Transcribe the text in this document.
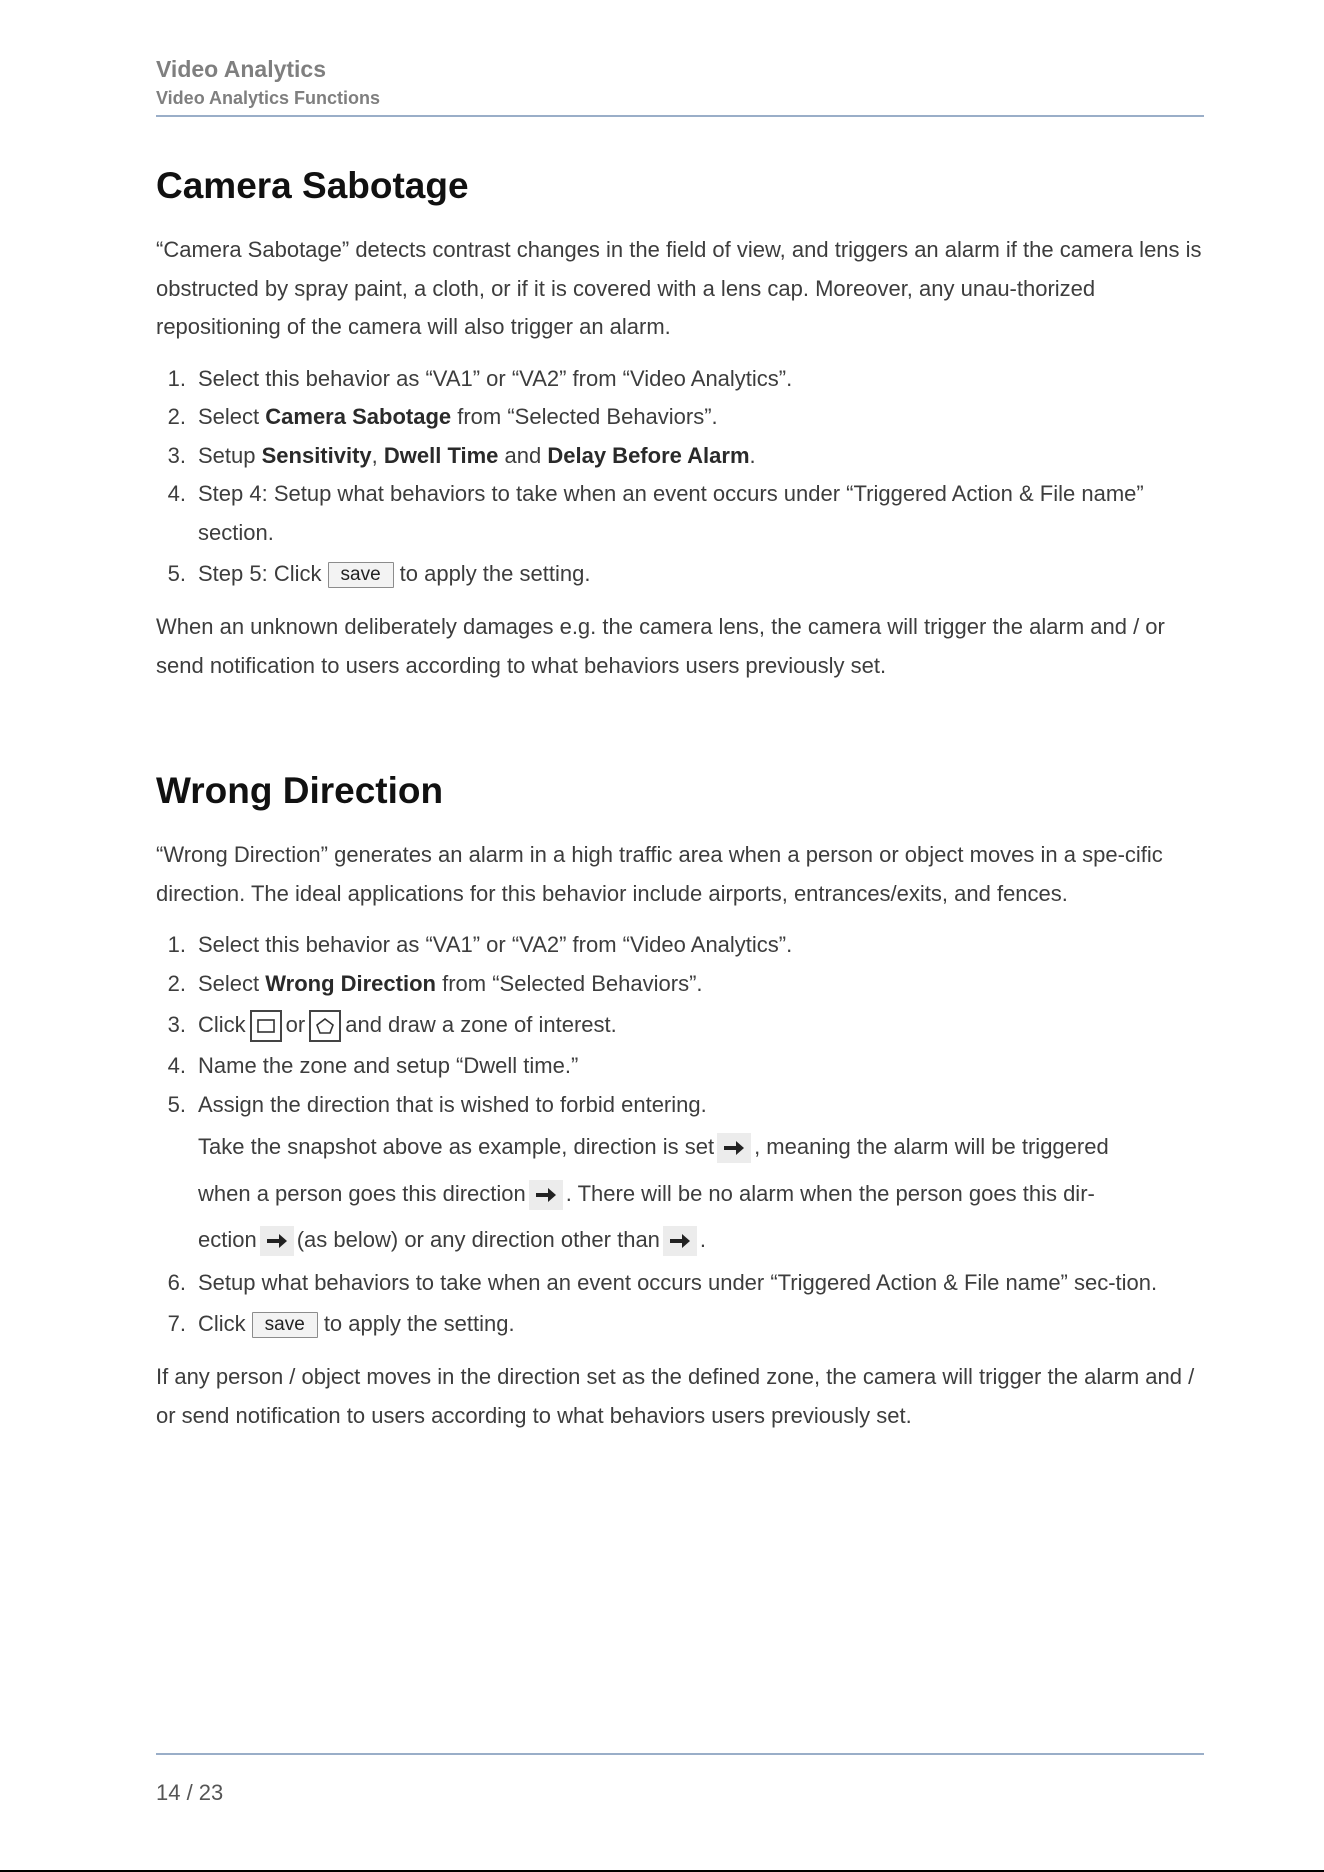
Video Analytics
Video Analytics Functions
Camera Sabotage

“Camera Sabotage” detects contrast changes in the field of view, and triggers an alarm if the camera lens is obstructed by spray paint, a cloth, or if it is covered with a lens cap. Moreover, any unau-thorized repositioning of the camera will also trigger an alarm.

1. Select this behavior as “VA1” or “VA2” from “Video Analytics”.
2. Select Camera Sabotage from “Selected Behaviors”.
3. Setup Sensitivity, Dwell Time and Delay Before Alarm.
4. Step 4: Setup what behaviors to take when an event occurs under “Triggered Action & File name” section.
5. Step 5: Click save to apply the setting.

When an unknown deliberately damages e.g. the camera lens, the camera will trigger the alarm and / or send notification to users according to what behaviors users previously set.

Wrong Direction

“Wrong Direction” generates an alarm in a high traffic area when a person or object moves in a spe-cific direction. The ideal applications for this behavior include airports, entrances/exits, and fences.

1. Select this behavior as “VA1” or “VA2” from “Video Analytics”.
2. Select Wrong Direction from “Selected Behaviors”.
3. Click or and draw a zone of interest.
4. Name the zone and setup “Dwell time.”
5. Assign the direction that is wished to forbid entering.
Take the snapshot above as example, direction is set , meaning the alarm will be triggered
when a person goes this direction . There will be no alarm when the person goes this dir-
ection (as below) or any direction other than .
6. Setup what behaviors to take when an event occurs under “Triggered Action & File name” sec-tion.
7. Click save to apply the setting.

If any person / object moves in the direction set as the defined zone, the camera will trigger the alarm and / or send notification to users according to what behaviors users previously set.

14 / 23
